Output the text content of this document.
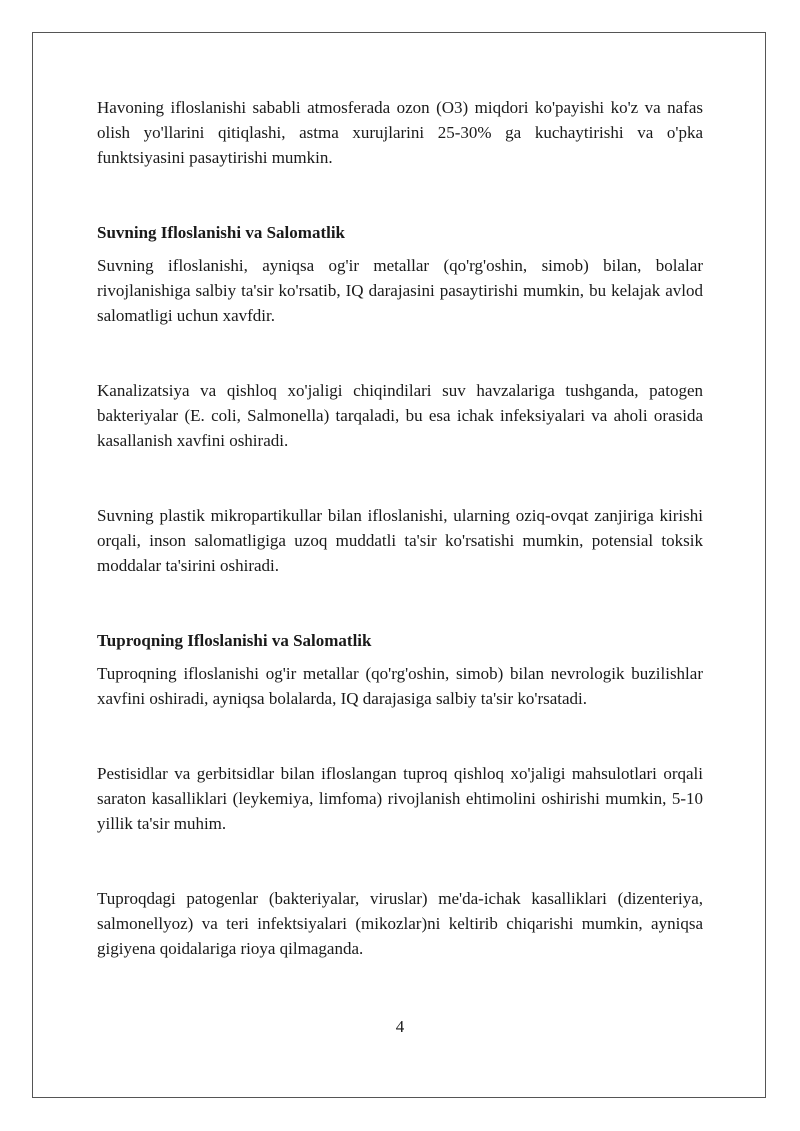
Havoning ifloslanishi sababli atmosferada ozon (O3) miqdori ko'payishi ko'z va nafas olish yo'llarini qitiqlashi, astma xurujlarini 25-30% ga kuchaytirishi va o'pka funktsiyasini pasaytirishi mumkin.

Suvning Ifloslanishi va Salomatlik

Suvning ifloslanishi, ayniqsa og'ir metallar (qo'rg'oshin, simob) bilan, bolalar rivojlanishiga salbiy ta'sir ko'rsatib, IQ darajasini pasaytirishi mumkin, bu kelajak avlod salomatligi uchun xavfdir.

Kanalizatsiya va qishloq xo'jaligi chiqindilari suv havzalariga tushganda, patogen bakteriyalar (E. coli, Salmonella) tarqaladi, bu esa ichak infeksiyalari va aholi orasida kasallanish xavfini oshiradi.

Suvning plastik mikropartikullar bilan ifloslanishi, ularning oziq-ovqat zanjiriga kirishi orqali, inson salomatligiga uzoq muddatli ta'sir ko'rsatishi mumkin, potensial toksik moddalar ta'sirini oshiradi.

Tuproqning Ifloslanishi va Salomatlik

Tuproqning ifloslanishi og'ir metallar (qo'rg'oshin, simob) bilan nevrologik buzilishlar xavfini oshiradi, ayniqsa bolalarda, IQ darajasiga salbiy ta'sir ko'rsatadi.

Pestisidlar va gerbitsidlar bilan ifloslangan tuproq qishloq xo'jaligi mahsulotlari orqali saraton kasalliklari (leykemiya, limfoma) rivojlanish ehtimolini oshirishi mumkin, 5-10 yillik ta'sir muhim.

Tuproqdagi patogenlar (bakteriyalar, viruslar) me'da-ichak kasalliklari (dizenteriya, salmonellyoz) va teri infektsiyalari (mikozlar)ni keltirib chiqarishi mumkin, ayniqsa gigiyena qoidalariga rioya qilmaganda.

4
